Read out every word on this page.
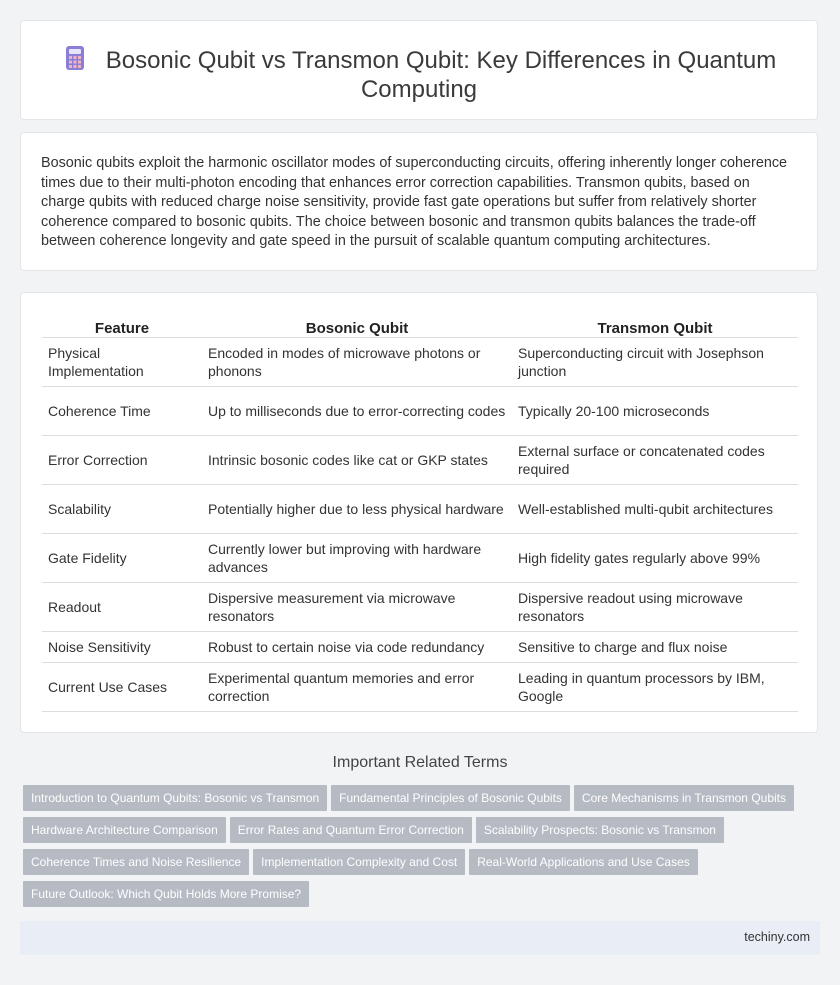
Bosonic Qubit vs Transmon Qubit: Key Differences in Quantum Computing
Bosonic qubits exploit the harmonic oscillator modes of superconducting circuits, offering inherently longer coherence times due to their multi-photon encoding that enhances error correction capabilities. Transmon qubits, based on charge qubits with reduced charge noise sensitivity, provide fast gate operations but suffer from relatively shorter coherence compared to bosonic qubits. The choice between bosonic and transmon qubits balances the trade-off between coherence longevity and gate speed in the pursuit of scalable quantum computing architectures.
Feature	Bosonic Qubit	Transmon Qubit
Physical Implementation	Encoded in modes of microwave photons or phonons	Superconducting circuit with Josephson junction
Coherence Time	Up to milliseconds due to error-correcting codes	Typically 20-100 microseconds
Error Correction	Intrinsic bosonic codes like cat or GKP states	External surface or concatenated codes required
Scalability	Potentially higher due to less physical hardware	Well-established multi-qubit architectures
Gate Fidelity	Currently lower but improving with hardware advances	High fidelity gates regularly above 99%
Readout	Dispersive measurement via microwave resonators	Dispersive readout using microwave resonators
Noise Sensitivity	Robust to certain noise via code redundancy	Sensitive to charge and flux noise
Current Use Cases	Experimental quantum memories and error correction	Leading in quantum processors by IBM, Google
Important Related Terms
Introduction to Quantum Qubits: Bosonic vs Transmon Fundamental Principles of Bosonic Qubits Core Mechanisms in Transmon Qubits
Hardware Architecture Comparison Error Rates and Quantum Error Correction Scalability Prospects: Bosonic vs Transmon
Coherence Times and Noise Resilience Implementation Complexity and Cost Real-World Applications and Use Cases
Future Outlook: Which Qubit Holds More Promise?
techiny.com
